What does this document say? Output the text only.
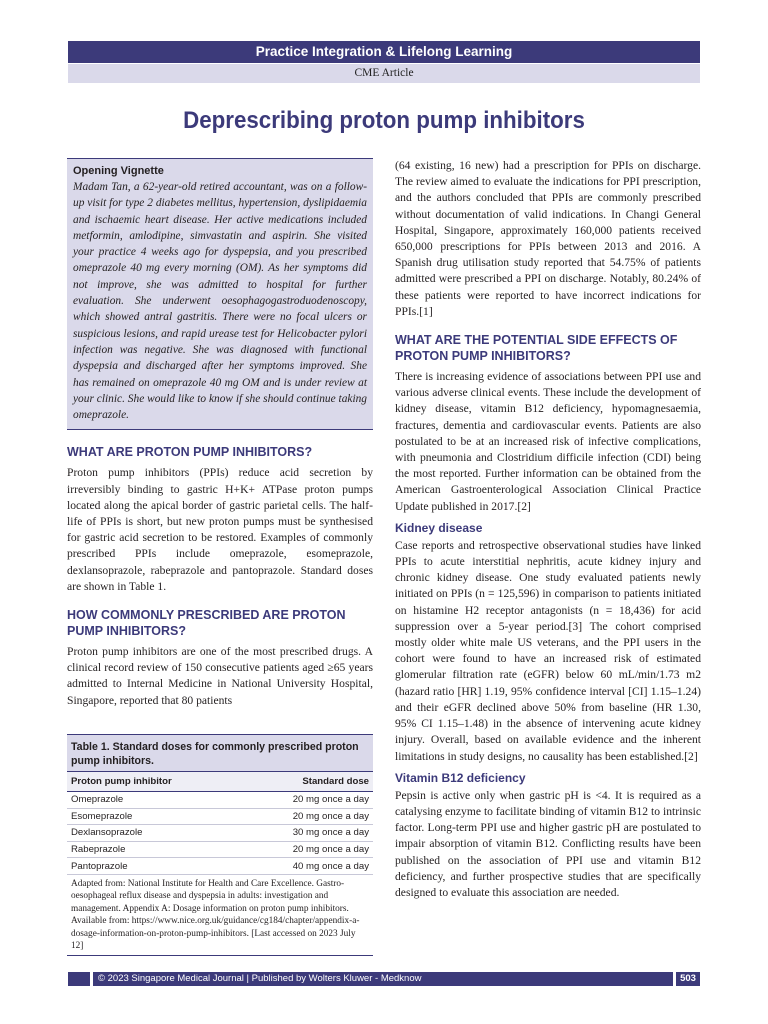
Practice Integration & Lifelong Learning
CME Article
Deprescribing proton pump inhibitors
Opening Vignette

Madam Tan, a 62-year-old retired accountant, was on a follow-up visit for type 2 diabetes mellitus, hypertension, dyslipidaemia and ischaemic heart disease. Her active medications included metformin, amlodipine, simvastatin and aspirin. She visited your practice 4 weeks ago for dyspepsia, and you prescribed omeprazole 40 mg every morning (OM). As her symptoms did not improve, she was admitted to hospital for further evaluation. She underwent oesophagogastroduodenoscopy, which showed antral gastritis. There were no focal ulcers or suspicious lesions, and rapid urease test for Helicobacter pylori infection was negative. She was diagnosed with functional dyspepsia and discharged after her symptoms improved. She has remained on omeprazole 40 mg OM and is under review at your clinic. She would like to know if she should continue taking omeprazole.

WHAT ARE PROTON PUMP INHIBITORS?

Proton pump inhibitors (PPIs) reduce acid secretion by irreversibly binding to gastric H+K+ ATPase proton pumps located along the apical border of gastric parietal cells. The half-life of PPIs is short, but new proton pumps must be synthesised for gastric acid secretion to be restored. Examples of commonly prescribed PPIs include omeprazole, esomeprazole, dexlansoprazole, rabeprazole and pantoprazole. Standard doses are shown in Table 1.

HOW COMMONLY PRESCRIBED ARE PROTON PUMP INHIBITORS?

Proton pump inhibitors are one of the most prescribed drugs. A clinical record review of 150 consecutive patients aged ≥65 years admitted to Internal Medicine in National University Hospital, Singapore, reported that 80 patients

Table 1. Standard doses for commonly prescribed proton pump inhibitors.
Proton pump inhibitor	Standard dose
Omeprazole	20 mg once a day
Esomeprazole	20 mg once a day
Dexlansoprazole	30 mg once a day
Rabeprazole	20 mg once a day
Pantoprazole	40 mg once a day

Adapted from: National Institute for Health and Care Excellence. Gastro-oesophageal reflux disease and dyspepsia in adults: investigation and management. Appendix A: Dosage information on proton pump inhibitors. Available from: https://www.nice.org.uk/guidance/cg184/chapter/appendix-a-dosage-information-on-proton-pump-inhibitors. [Last accessed on 2023 July 12]

(64 existing, 16 new) had a prescription for PPIs on discharge. The review aimed to evaluate the indications for PPI prescription, and the authors concluded that PPIs are commonly prescribed without documentation of valid indications. In Changi General Hospital, Singapore, approximately 160,000 patients received 650,000 prescriptions for PPIs between 2013 and 2016. A Spanish drug utilisation study reported that 54.75% of patients admitted were prescribed a PPI on discharge. Notably, 80.24% of these patients were reported to have incorrect indications for PPIs.[1]

WHAT ARE THE POTENTIAL SIDE EFFECTS OF PROTON PUMP INHIBITORS?

There is increasing evidence of associations between PPI use and various adverse clinical events. These include the development of kidney disease, vitamin B12 deficiency, hypomagnesaemia, fractures, dementia and cardiovascular events. Patients are also postulated to be at an increased risk of infective complications, with pneumonia and Clostridium difficile infection (CDI) being the most reported. Further information can be obtained from the American Gastroenterological Association Clinical Practice Update published in 2017.[2]

Kidney disease

Case reports and retrospective observational studies have linked PPIs to acute interstitial nephritis, acute kidney injury and chronic kidney disease. One study evaluated patients newly initiated on PPIs (n = 125,596) in comparison to patients initiated on histamine H2 receptor antagonists (n = 18,436) for acid suppression over a 5-year period.[3] The cohort comprised mostly older white male US veterans, and the PPI users in the cohort were found to have an increased risk of estimated glomerular filtration rate (eGFR) below 60 mL/min/1.73 m2 (hazard ratio [HR] 1.19, 95% confidence interval [CI] 1.15–1.24) and their eGFR declined above 50% from baseline (HR 1.30, 95% CI 1.15–1.48) in the absence of intervening acute kidney injury. Overall, based on available evidence and the inherent limitations in study designs, no causality has been established.[2]

Vitamin B12 deficiency

Pepsin is active only when gastric pH is <4. It is required as a catalysing enzyme to facilitate binding of vitamin B12 to intrinsic factor. Long-term PPI use and higher gastric pH are postulated to impair absorption of vitamin B12. Conflicting results have been published on the association of PPI use and vitamin B12 deficiency, and further prospective studies that are specifically designed to evaluate this association are needed.

© 2023 Singapore Medical Journal | Published by Wolters Kluwer - Medknow	503
